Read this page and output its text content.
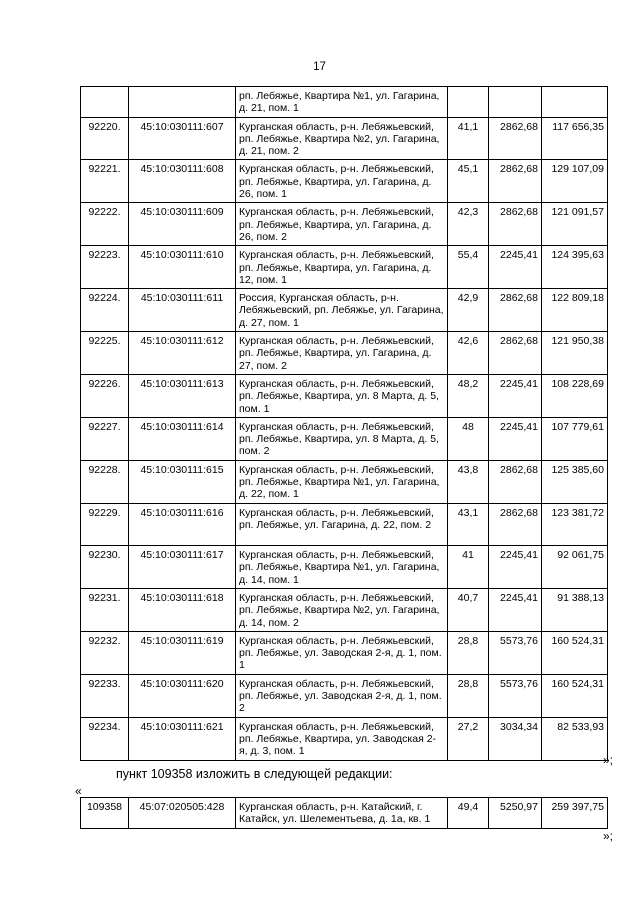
17
		рп. Лебяжье, Квартира №1, ул. Гагарина, д. 21, пом. 1			
92220.	45:10:030111:607	Курганская область, р-н. Лебяжьевский, рп. Лебяжье, Квартира №2, ул. Гагарина, д. 21, пом. 2	41,1	2862,68	117 656,35
92221.	45:10:030111:608	Курганская область, р-н. Лебяжьевский, рп. Лебяжье, Квартира, ул. Гагарина, д. 26, пом. 1	45,1	2862,68	129 107,09
92222.	45:10:030111:609	Курганская область, р-н. Лебяжьевский, рп. Лебяжье, Квартира, ул. Гагарина, д. 26, пом. 2	42,3	2862,68	121 091,57
92223.	45:10:030111:610	Курганская область, р-н. Лебяжьевский, рп. Лебяжье, Квартира, ул. Гагарина, д. 12, пом. 1	55,4	2245,41	124 395,63
92224.	45:10:030111:611	Россия, Курганская область, р-н. Лебяжьевский, рп. Лебяжье, ул. Гагарина, д. 27, пом. 1	42,9	2862,68	122 809,18
92225.	45:10:030111:612	Курганская область, р-н. Лебяжьевский, рп. Лебяжье, Квартира, ул. Гагарина, д. 27, пом. 2	42,6	2862,68	121 950,38
92226.	45:10:030111:613	Курганская область, р-н. Лебяжьевский, рп. Лебяжье, Квартира, ул. 8 Марта, д. 5, пом. 1	48,2	2245,41	108 228,69
92227.	45:10:030111:614	Курганская область, р-н. Лебяжьевский, рп. Лебяжье, Квартира, ул. 8 Марта, д. 5, пом. 2	48	2245,41	107 779,61
92228.	45:10:030111:615	Курганская область, р-н. Лебяжьевский, рп. Лебяжье, Квартира №1, ул. Гагарина, д. 22, пом. 1	43,8	2862,68	125 385,60
92229.	45:10:030111:616	Курганская область, р-н. Лебяжьевский, рп. Лебяжье, ул. Гагарина, д. 22, пом. 2	43,1	2862,68	123 381,72
92230.	45:10:030111:617	Курганская область, р-н. Лебяжьевский, рп. Лебяжье, Квартира №1, ул. Гагарина, д. 14, пом. 1	41	2245,41	92 061,75
92231.	45:10:030111:618	Курганская область, р-н. Лебяжьевский, рп. Лебяжье, Квартира №2, ул. Гагарина, д. 14, пом. 2	40,7	2245,41	91 388,13
92232.	45:10:030111:619	Курганская область, р-н. Лебяжьевский, рп. Лебяжье, ул. Заводская 2-я, д. 1, пом. 1	28,8	5573,76	160 524,31
92233.	45:10:030111:620	Курганская область, р-н. Лебяжьевский, рп. Лебяжье, ул. Заводская 2-я, д. 1, пом. 2	28,8	5573,76	160 524,31
92234.	45:10:030111:621	Курганская область, р-н. Лебяжьевский, рп. Лебяжье, Квартира, ул. Заводская 2-я, д. 3, пом. 1	27,2	3034,34	82 533,93
»;
пункт 109358 изложить в следующей редакции:
«
109358	45:07:020505:428	Курганская область, р-н. Катайский, г. Катайск, ул. Шелементьева, д. 1а, кв. 1	49,4	5250,97	259 397,75
»;
